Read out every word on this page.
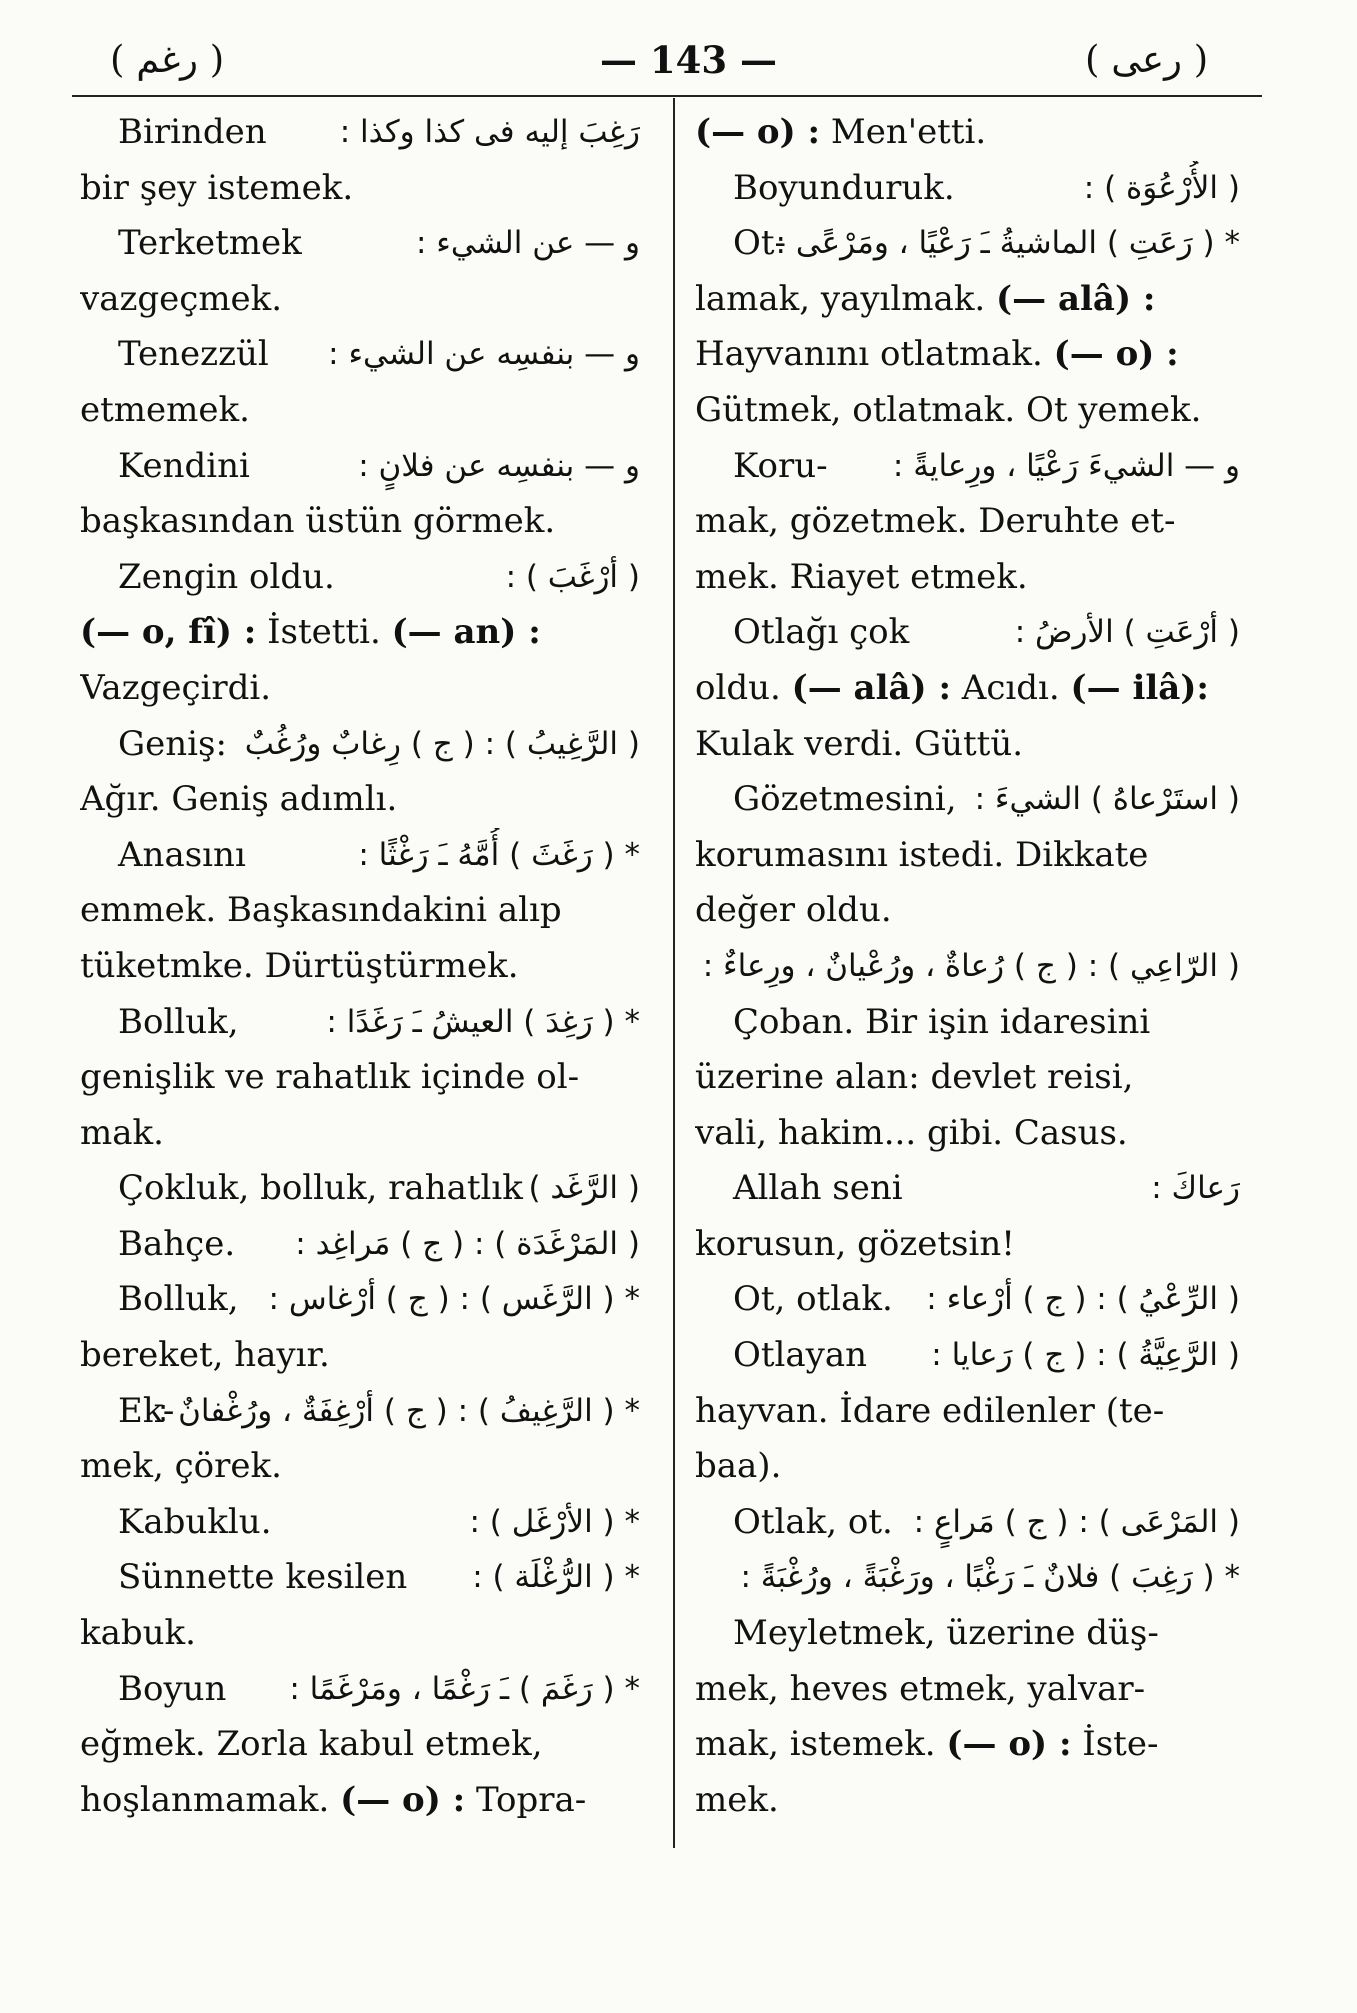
( رغم )	— 143 —	( رعی )
Birinden رَغِبَ إليه فى كذا وكذا :
bir şey istemek.
Terketmek	و — عن الشيء :
vazgeçmek.
Tenezzül و — بنفسِه عن الشيء :
etmemek.
Kendini	و — بنفسِه عن فلانٍ :
başkasından üstün görmek.
Zengin oldu.	( أرْغَبَ ) :
(— o, fî) : İstetti. (— an) :
Vazgeçirdi.
Geniş: ( الرَّغِيبُ ) : ( ج ) رِغابٌ ورُغُبٌ
Ağır. Geniş adımlı.
Anasını	* ( رَغَثَ ) أُمَّهُ ـَ رَغْثًا :
emmek. Başkasındakini alıp
tüketmke. Dürtüştürmek.
Bolluk,	* ( رَغِدَ ) العيشُ ـَ رَغَدًا :
genişlik ve rahatlık içinde ol-
mak.
Çokluk, bolluk, rahatlık ( الرَّغَد )
Bahçe. ( المَرْغَدَة ) : ( ج ) مَراغِد :
Bolluk, * ( الرَّغَس ) : ( ج ) أرْغاس :
bereket, hayır.
Ek-
* ( الرَّغِيفُ ) : ( ج ) أرْغِفَةٌ ، ورُغْفانٌ :
mek, çörek.
Kabuklu.	* ( الأرْغَل ) :
Sünnette kesilen * ( الرُّغْلَة ) :
kabuk.
Boyun * ( رَغَمَ ) ـَ رَغْمًا ، ومَرْغَمًا :
eğmek. Zorla kabul etmek,
hoşlanmamak. (— o) : Topra-
(— o) : Men'etti.
Boyunduruk.	( الأُرْعُوَة ) :
Ot-
* ( رَعَتِ ) الماشيةُ ـَ رَعْيًا ، ومَرْعًى :
lamak, yayılmak. (— alâ) :
Hayvanını otlatmak. (— o) :
Gütmek, otlatmak. Ot yemek.
Koru- و — الشيءَ رَعْيًا ، ورِعايةً :
mak, gözetmek. Deruhte et-
mek. Riayet etmek.
Otlağı çok	( أرْعَتِ ) الأرضُ :
oldu. (— alâ) : Acıdı. (— ilâ):
Kulak verdi. Güttü.
Gözetmesini, ( استَرْعاهُ ) الشيءَ :
korumasını istedi. Dikkate
değer oldu.
( الرّاعِي ) : ( ج ) رُعاةٌ ، ورُعْيانٌ ، ورِعاءٌ :
Çoban. Bir işin idaresini
üzerine alan: devlet reisi,
vali, hakim... gibi. Casus.
Allah seni	رَعاكَ :
korusun, gözetsin!
Ot, otlak. ( الرِّعْيُ ) : ( ج ) أرْعاء :
Otlayan ( الرَّعِيَّةُ ) : ( ج ) رَعايا :
hayvan. İdare edilenler (te-
baa).
Otlak, ot. ( المَرْعَى ) : ( ج ) مَراعٍ :
* ( رَغِبَ ) فلانٌ ـَ رَغْبًا ، ورَغْبَةً ، ورُغْبَةً :
Meyletmek, üzerine düş-
mek, heves etmek, yalvar-
mak, istemek. (— o) : İste-
mek.
